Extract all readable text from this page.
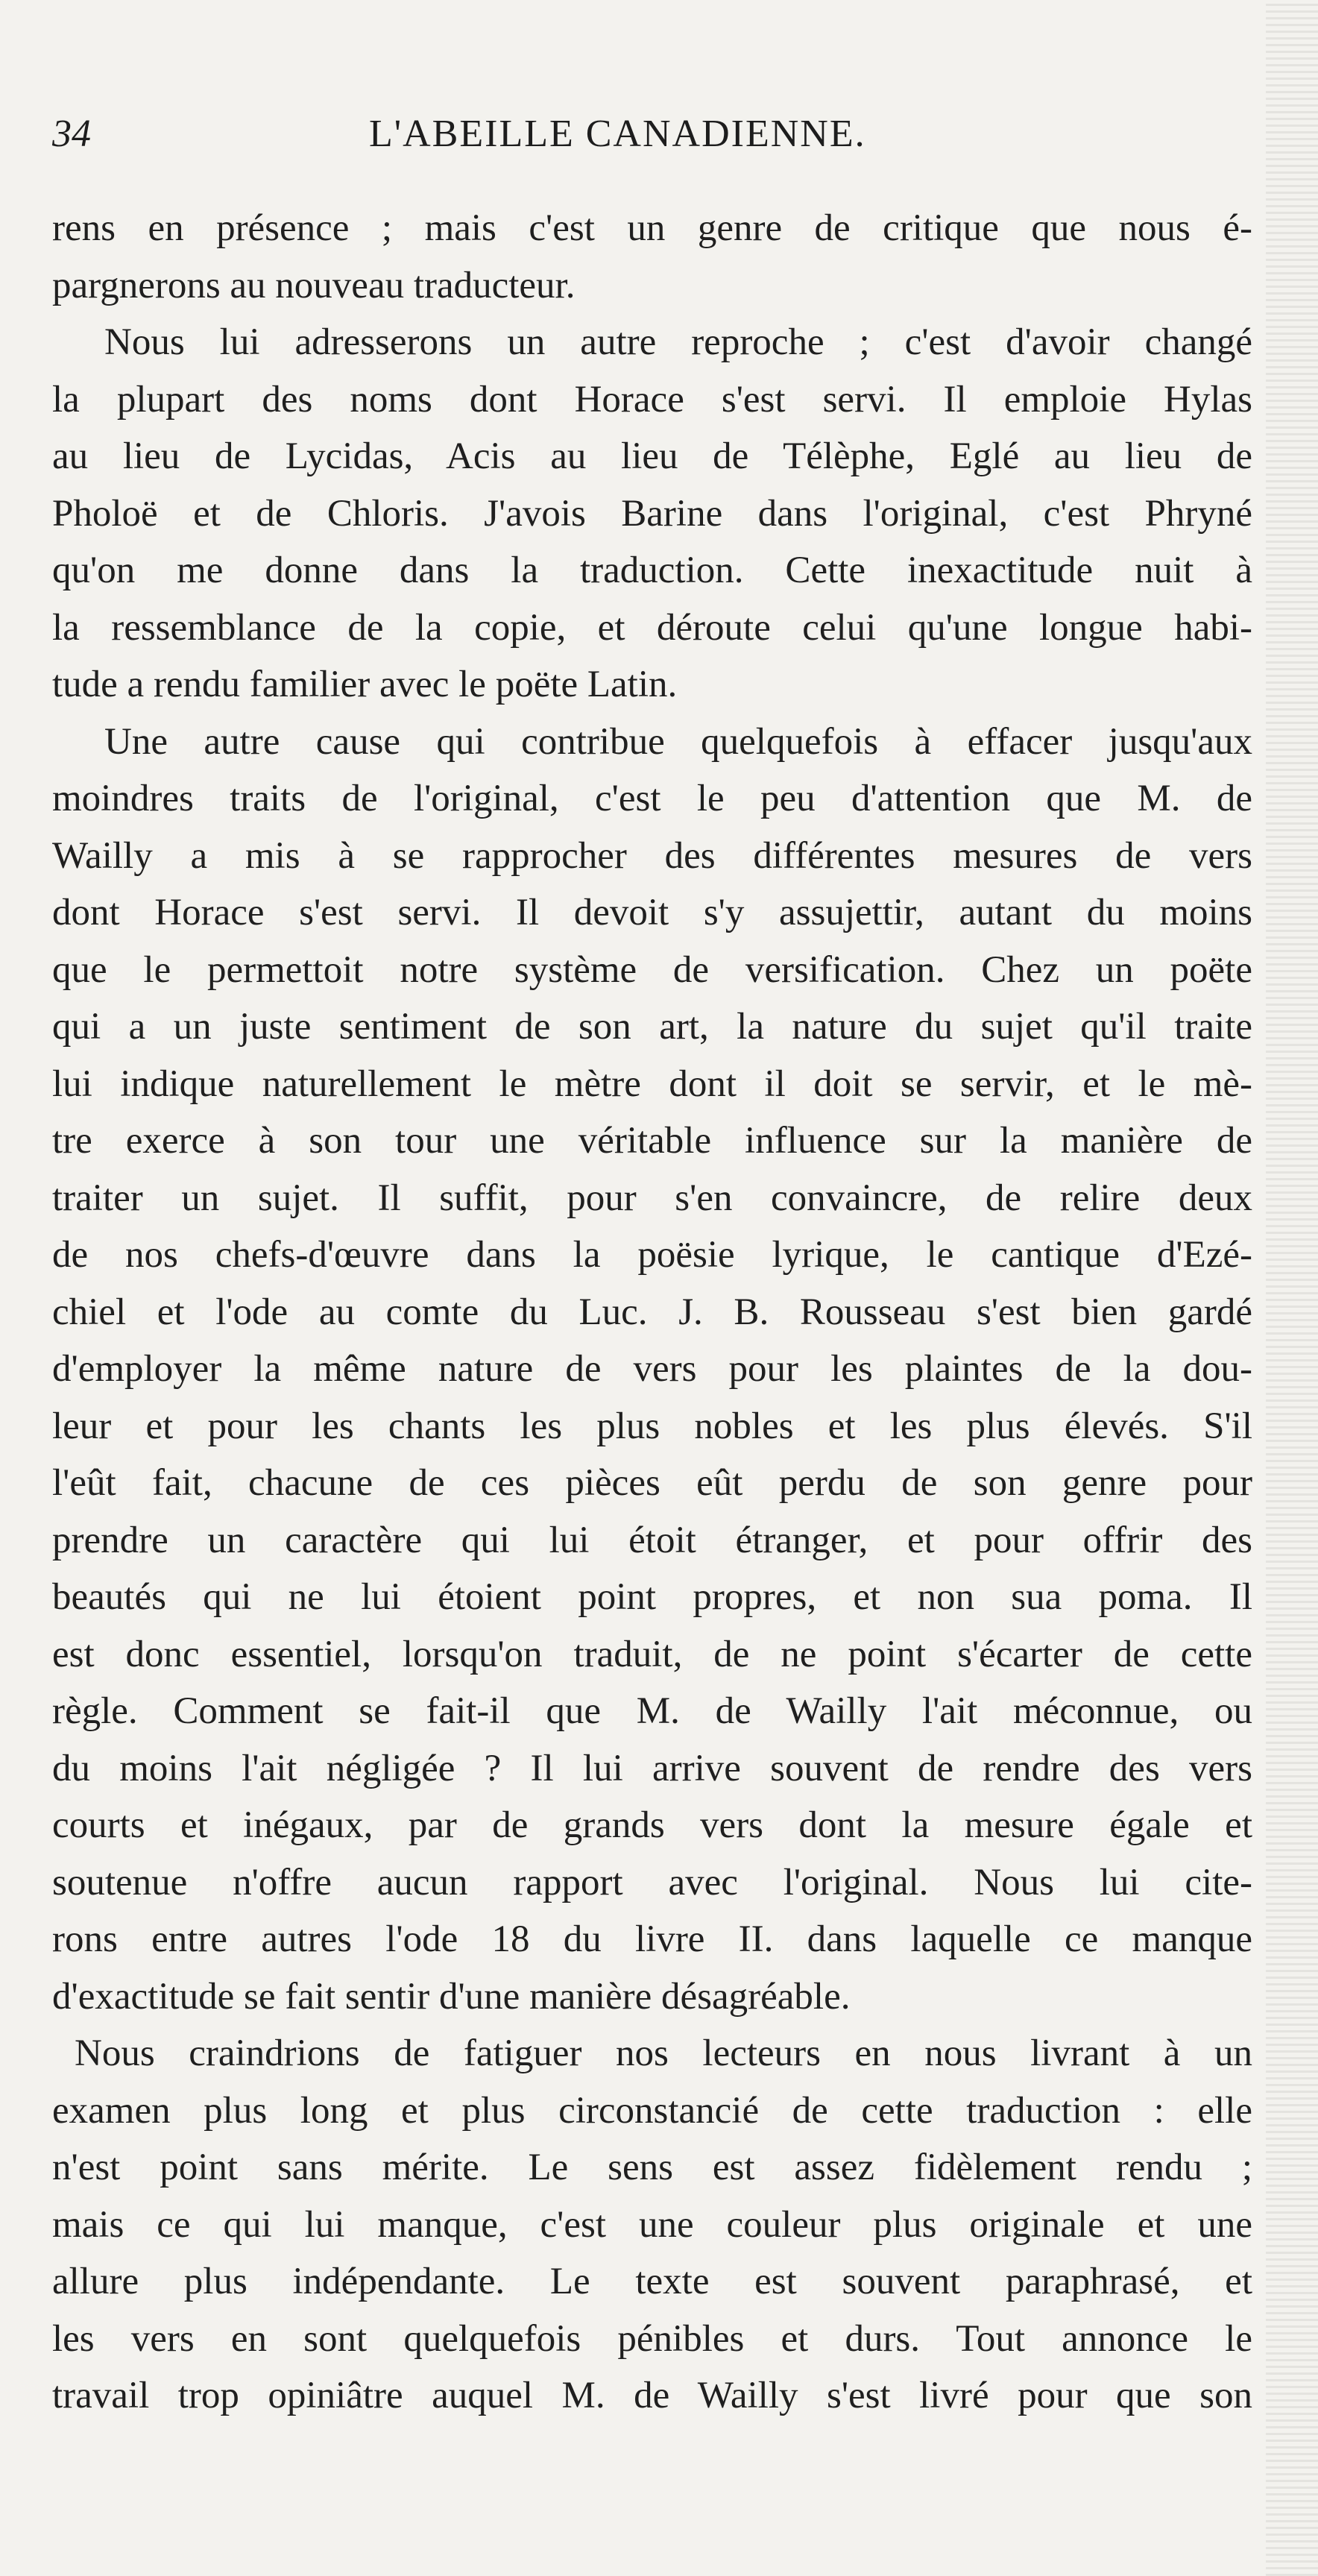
34	L'ABEILLE CANADIENNE.
rens en présence ; mais c'est un genre de critique que nous é-
pargnerons au nouveau traducteur.
Nous lui adresserons un autre reproche ; c'est d'avoir changé
la plupart des noms dont Horace s'est servi. Il emploie Hylas
au lieu de Lycidas, Acis au lieu de Télèphe, Eglé au lieu de
Pholoë et de Chloris. J'avois Barine dans l'original, c'est Phryné
qu'on me donne dans la traduction. Cette inexactitude nuit à
la ressemblance de la copie, et déroute celui qu'une longue habi-
tude a rendu familier avec le poëte Latin.
Une autre cause qui contribue quelquefois à effacer jusqu'aux
moindres traits de l'original, c'est le peu d'attention que M. de
Wailly a mis à se rapprocher des différentes mesures de vers
dont Horace s'est servi. Il devoit s'y assujettir, autant du moins
que le permettoit notre système de versification. Chez un poëte
qui a un juste sentiment de son art, la nature du sujet qu'il traite
lui indique naturellement le mètre dont il doit se servir, et le mè-
tre exerce à son tour une véritable influence sur la manière de
traiter un sujet. Il suffit, pour s'en convaincre, de relire deux
de nos chefs-d'œuvre dans la poësie lyrique, le cantique d'Ezé-
chiel et l'ode au comte du Luc. J. B. Rousseau s'est bien gardé
d'employer la même nature de vers pour les plaintes de la dou-
leur et pour les chants les plus nobles et les plus élevés. S'il
l'eût fait, chacune de ces pièces eût perdu de son genre pour
prendre un caractère qui lui étoit étranger, et pour offrir des
beautés qui ne lui étoient point propres, et non sua poma. Il
est donc essentiel, lorsqu'on traduit, de ne point s'écarter de cette
règle. Comment se fait-il que M. de Wailly l'ait méconnue, ou
du moins l'ait négligée ? Il lui arrive souvent de rendre des vers
courts et inégaux, par de grands vers dont la mesure égale et
soutenue n'offre aucun rapport avec l'original. Nous lui cite-
rons entre autres l'ode 18 du livre II. dans laquelle ce manque
d'exactitude se fait sentir d'une manière désagréable.
Nous craindrions de fatiguer nos lecteurs en nous livrant à un
examen plus long et plus circonstancié de cette traduction : elle
n'est point sans mérite. Le sens est assez fidèlement rendu ;
mais ce qui lui manque, c'est une couleur plus originale et une
allure plus indépendante. Le texte est souvent paraphrasé, et
les vers en sont quelquefois pénibles et durs. Tout annonce le
travail trop opiniâtre auquel M. de Wailly s'est livré pour que son
